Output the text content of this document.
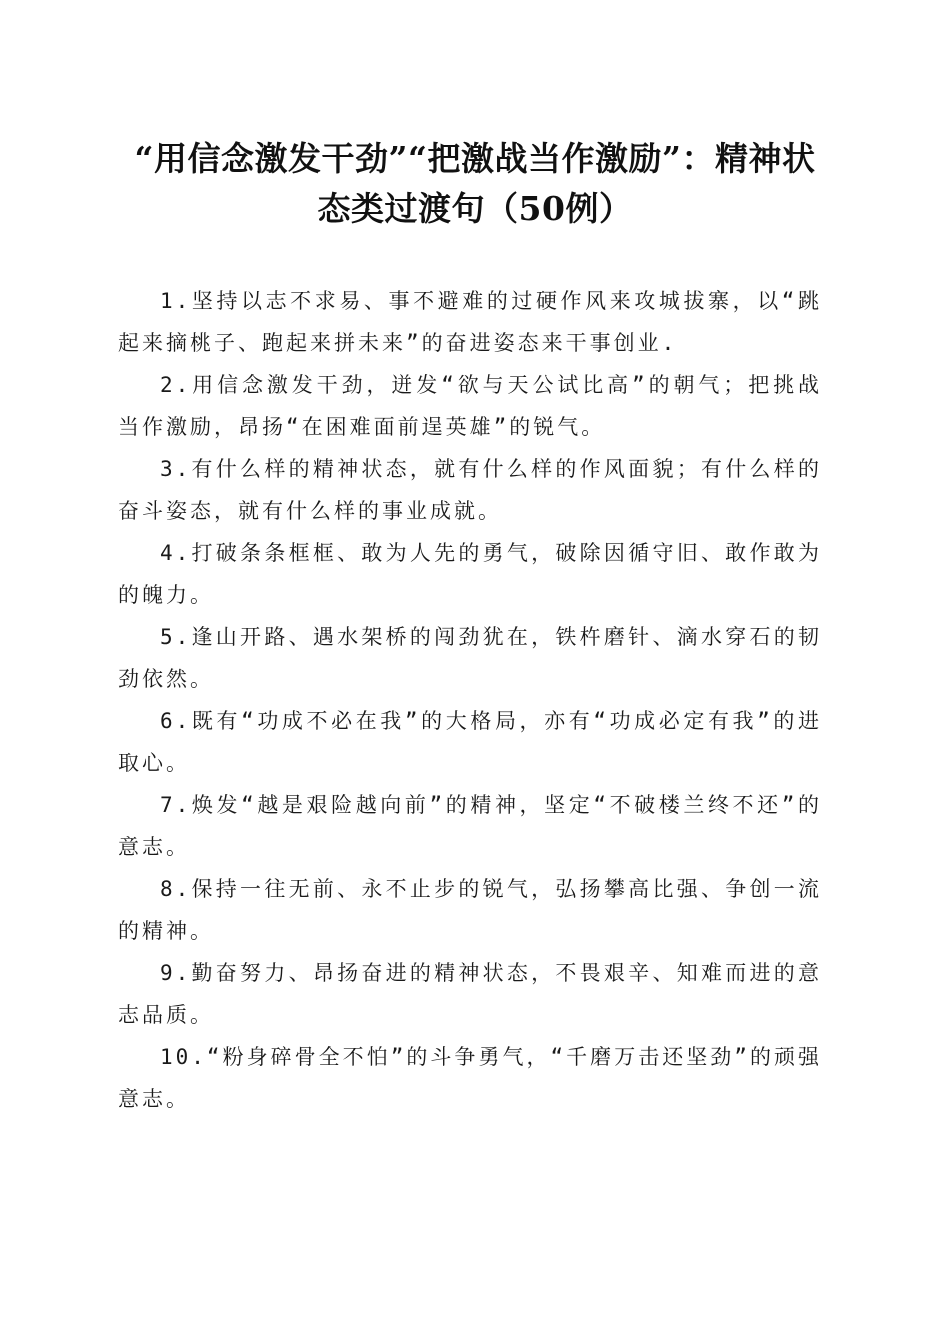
“用信念激发干劲”“把激战当作激励”：精神状态类过渡句（50例）

1.坚持以志不求易、事不避难的过硬作风来攻城拔寨，以“跳起来摘桃子、跑起来拼未来”的奋进姿态来干事创业.

2.用信念激发干劲，迸发“欲与天公试比高”的朝气；把挑战当作激励，昂扬“在困难面前逞英雄”的锐气。

3.有什么样的精神状态，就有什么样的作风面貌；有什么样的奋斗姿态，就有什么样的事业成就。

4.打破条条框框、敢为人先的勇气，破除因循守旧、敢作敢为的魄力。

5.逢山开路、遇水架桥的闯劲犹在，铁杵磨针、滴水穿石的韧劲依然。

6.既有“功成不必在我”的大格局，亦有“功成必定有我”的进取心。

7.焕发“越是艰险越向前”的精神，坚定“不破楼兰终不还”的意志。

8.保持一往无前、永不止步的锐气，弘扬攀高比强、争创一流的精神。

9.勤奋努力、昂扬奋进的精神状态，不畏艰辛、知难而进的意志品质。

10.“粉身碎骨全不怕”的斗争勇气，“千磨万击还坚劲”的顽强意志。
